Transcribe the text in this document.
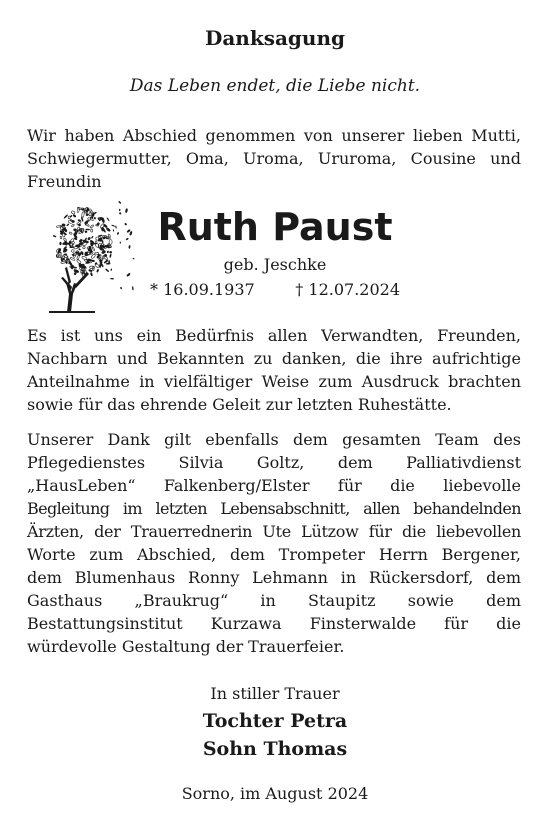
Danksagung
Das Leben endet, die Liebe nicht.
Wir haben Abschied genommen von unserer lieben Mutti, Schwiegermutter, Oma, Uroma, Ururoma, Cousine und Freundin
Ruth Paust
geb. Jeschke
* 16.09.1937	† 12.07.2024
Es ist uns ein Bedürfnis allen Verwandten, Freunden,
Nachbarn und Bekannten zu danken, die ihre aufrichtige
Anteilnahme in vielfältiger Weise zum Ausdruck brachten
sowie für das ehrende Geleit zur letzten Ruhestätte.
Unserer Dank gilt ebenfalls dem gesamten Team des
Pflegedienstes Silvia Goltz, dem Palliativdienst
„HausLeben“ Falkenberg/Elster für die liebevolle
Begleitung im letzten Lebensabschnitt, allen behandelnden
Ärzten, der Trauerrednerin Ute Lützow für die liebevollen
Worte zum Abschied, dem Trompeter Herrn Bergener,
dem Blumenhaus Ronny Lehmann in Rückersdorf, dem
Gasthaus „Braukrug“ in Staupitz sowie dem
Bestattungsinstitut Kurzawa Finsterwalde für die
würdevolle Gestaltung der Trauerfeier.
In stiller Trauer
Tochter Petra
Sohn Thomas
Sorno, im August 2024
